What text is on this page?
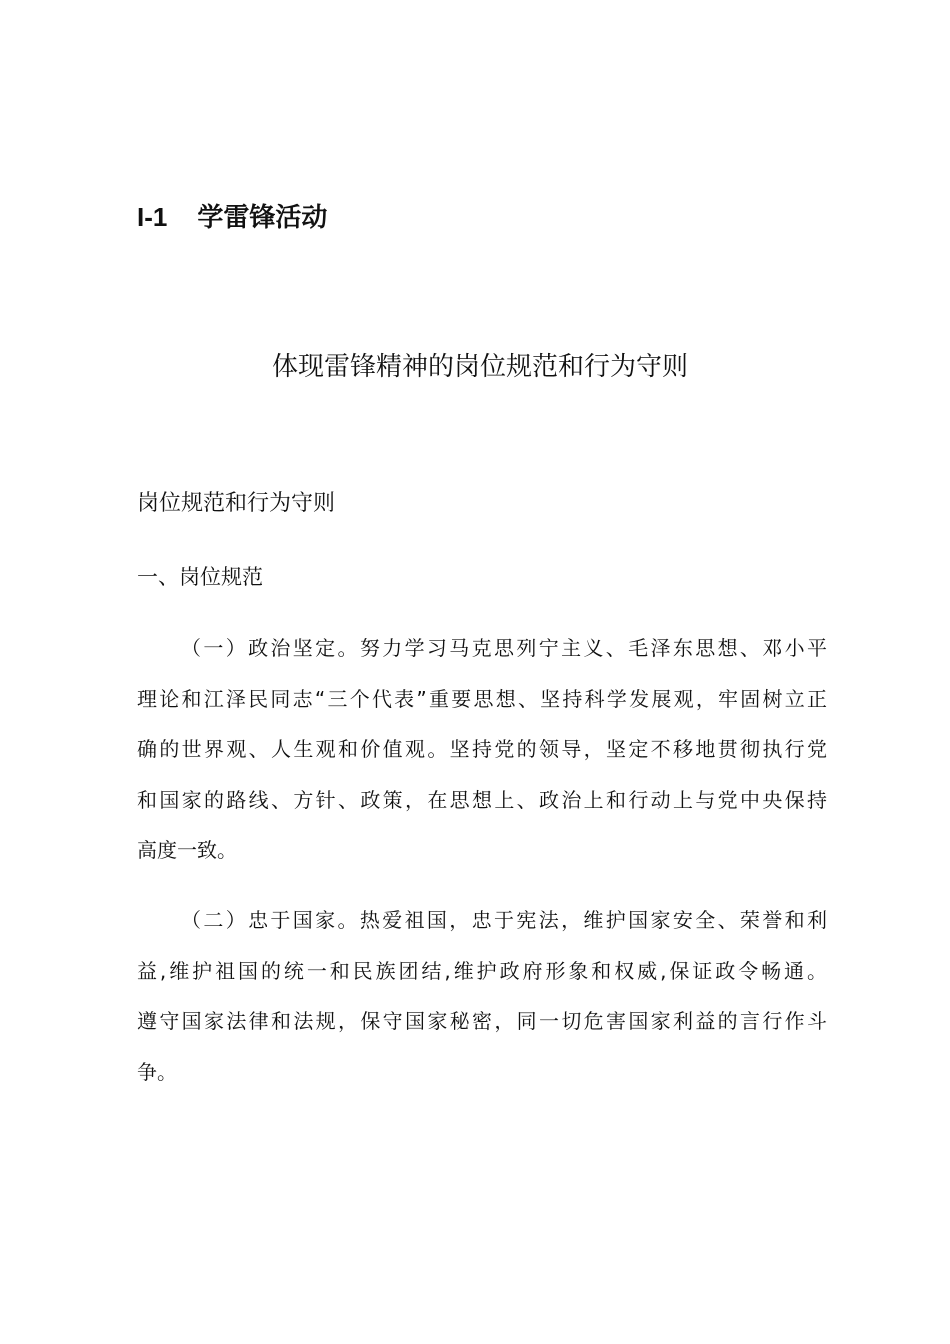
I-1 学雷锋活动
体现雷锋精神的岗位规范和行为守则
岗位规范和行为守则
一、岗位规范
（一）政治坚定。努力学习马克思列宁主义、毛泽东思想、邓小平
理论和江泽民同志“三个代表”重要思想、坚持科学发展观，牢固树立正
确的世界观、人生观和价值观。坚持党的领导，坚定不移地贯彻执行党
和国家的路线、方针、政策，在思想上、政治上和行动上与党中央保持
高度一致。
（二）忠于国家。热爱祖国，忠于宪法，维护国家安全、荣誉和利
益,维护祖国的统一和民族团结,维护政府形象和权威,保证政令畅通。
遵守国家法律和法规，保守国家秘密，同一切危害国家利益的言行作斗
争。
